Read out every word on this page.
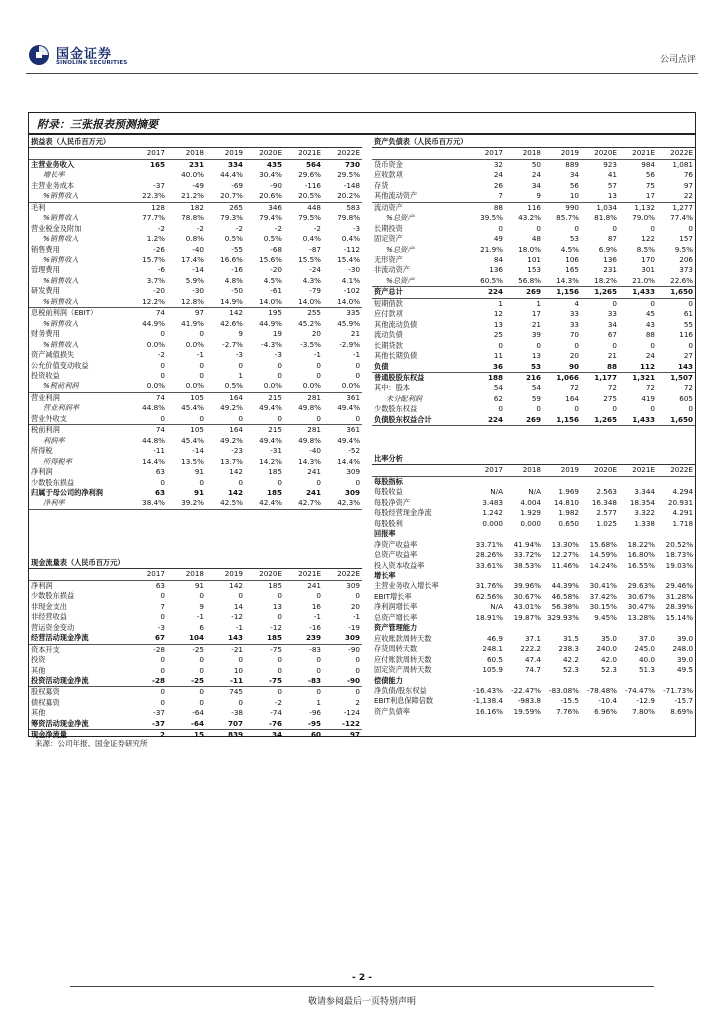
国金证券
SINOLINK SECURITIES	公司点评
附录：三张报表预测摘要
损益表（人民币百万元）						
	2017	2018	2019	2020E	2021E	2022E
主营业务收入	165	231	334	435	564	730
增长率		40.0%	44.4%	30.4%	29.6%	29.5%
主营业务成本	-37	-49	-69	-90	-116	-148
%销售收入	22.3%	21.2%	20.7%	20.6%	20.5%	20.2%
毛利	128	182	265	346	448	583
%销售收入	77.7%	78.8%	79.3%	79.4%	79.5%	79.8%
营业税金及附加	-2	-2	-2	-2	-2	-3
%销售收入	1.2%	0.8%	0.5%	0.5%	0.4%	0.4%
销售费用	-26	-40	-55	-68	-87	-112
%销售收入	15.7%	17.4%	16.6%	15.6%	15.5%	15.4%
管理费用	-6	-14	-16	-20	-24	-30
%销售收入	3.7%	5.9%	4.8%	4.5%	4.3%	4.1%
研发费用	-20	-30	-50	-61	-79	-102
%销售收入	12.2%	12.8%	14.9%	14.0%	14.0%	14.0%
息税前利润（EBIT）	74	97	142	195	255	335
%销售收入	44.9%	41.9%	42.6%	44.9%	45.2%	45.9%
财务费用	0	0	9	19	20	21
%销售收入	0.0%	0.0%	-2.7%	-4.3%	-3.5%	-2.9%
资产减值损失	-2	-1	-3	-3	-1	-1
公允价值变动收益	0	0	0	0	0	0
投资收益	0	0	1	0	0	0
%税前利润	0.0%	0.0%	0.5%	0.0%	0.0%	0.0%
营业利润	74	105	164	215	281	361
营业利润率	44.8%	45.4%	49.2%	49.4%	49.8%	49.4%
营业外收支	0	0	0	0	0	0
税前利润	74	105	164	215	281	361
利润率	44.8%	45.4%	49.2%	49.4%	49.8%	49.4%
所得税	-11	-14	-23	-31	-40	-52
所得税率	14.4%	13.5%	13.7%	14.2%	14.3%	14.4%
净利润	63	91	142	185	241	309
少数股东损益	0	0	0	0	0	0
归属于母公司的净利润	63	91	142	185	241	309
净利率	38.4%	39.2%	42.5%	42.4%	42.7%	42.3%
资产负债表（人民币百万元）						
	2017	2018	2019	2020E	2021E	2022E
货币资金	32	50	889	923	984	1,081
应收款项	24	24	34	41	56	76
存货	26	34	56	57	75	97
其他流动资产	7	9	10	13	17	22
流动资产	88	116	990	1,034	1,132	1,277
%总资产	39.5%	43.2%	85.7%	81.8%	79.0%	77.4%
长期投资	0	0	0	0	0	0
固定资产	49	48	53	87	122	157
%总资产	21.9%	18.0%	4.5%	6.9%	8.5%	9.5%
无形资产	84	101	106	136	170	206
非流动资产	136	153	165	231	301	373
%总资产	60.5%	56.8%	14.3%	18.2%	21.0%	22.6%
资产总计	224	269	1,156	1,265	1,433	1,650
短期借款	1	1	4	0	0	0
应付款项	12	17	33	33	45	61
其他流动负债	13	21	33	34	43	55
流动负债	25	39	70	67	88	116
长期贷款	0	0	0	0	0	0
其他长期负债	11	13	20	21	24	27
负债	36	53	90	88	112	143
普通股股东权益	188	216	1,066	1,177	1,321	1,507
其中：股本	54	54	72	72	72	72
未分配利润	62	59	164	275	419	605
少数股东权益	0	0	0	0	0	0
负债股东权益合计	224	269	1,156	1,265	1,433	1,650
比率分析						
	2017	2018	2019	2020E	2021E	2022E
每股指标						
每股收益	N/A	N/A	1.969	2.563	3.344	4.294
每股净资产	3.483	4.004	14.810	16.348	18.354	20.931
每股经营现金净流	1.242	1.929	1.982	2.577	3.322	4.291
每股股利	0.000	0.000	0.650	1.025	1.338	1.718
回报率						
净资产收益率	33.71%	41.94%	13.30%	15.68%	18.22%	20.52%
总资产收益率	28.26%	33.72%	12.27%	14.59%	16.80%	18.73%
投入资本收益率	33.61%	38.53%	11.46%	14.24%	16.55%	19.03%
增长率						
主营业务收入增长率	31.76%	39.96%	44.39%	30.41%	29.63%	29.46%
EBIT增长率	62.56%	30.67%	46.58%	37.42%	30.67%	31.28%
净利润增长率	N/A	43.01%	56.38%	30.15%	30.47%	28.39%
总资产增长率	18.91%	19.87%	329.93%	9.45%	13.28%	15.14%
资产管理能力						
应收账款周转天数	46.9	37.1	31.5	35.0	37.0	39.0
存货周转天数	248.1	222.2	238.3	240.0	245.0	248.0
应付账款周转天数	60.5	47.4	42.2	42.0	40.0	39.0
固定资产周转天数	105.9	74.7	52.3	52.3	51.3	49.5
偿债能力						
净负债/股东权益	-16.43%	-22.47%	-83.08%	-78.48%	-74.47%	-71.73%
EBIT利息保障倍数	-1,138.4	-983.8	-15.5	-10.4	-12.9	-15.7
资产负债率	16.16%	19.59%	7.76%	6.96%	7.80%	8.69%
现金流量表（人民币百万元）						
	2017	2018	2019	2020E	2021E	2022E
净利润	63	91	142	185	241	309
少数股东损益	0	0	0	0	0	0
非现金支出	7	9	14	13	16	20
非经营收益	0	-1	-12	0	-1	-1
营运资金变动	-3	6	-1	-12	-16	-19
经营活动现金净流	67	104	143	185	239	309
资本开支	-28	-25	-21	-75	-83	-90
投资	0	0	0	0	0	0
其他	0	0	10	0	0	0
投资活动现金净流	-28	-25	-11	-75	-83	-90
股权募资	0	0	745	0	0	0
债权募资	0	0	0	-2	1	2
其他	-37	-64	-38	-74	-96	-124
筹资活动现金净流	-37	-64	707	-76	-95	-122
现金净流量	2	15	839	34	60	97
来源：公司年报、国金证券研究所
- 2 -
敬请参阅最后一页特别声明
